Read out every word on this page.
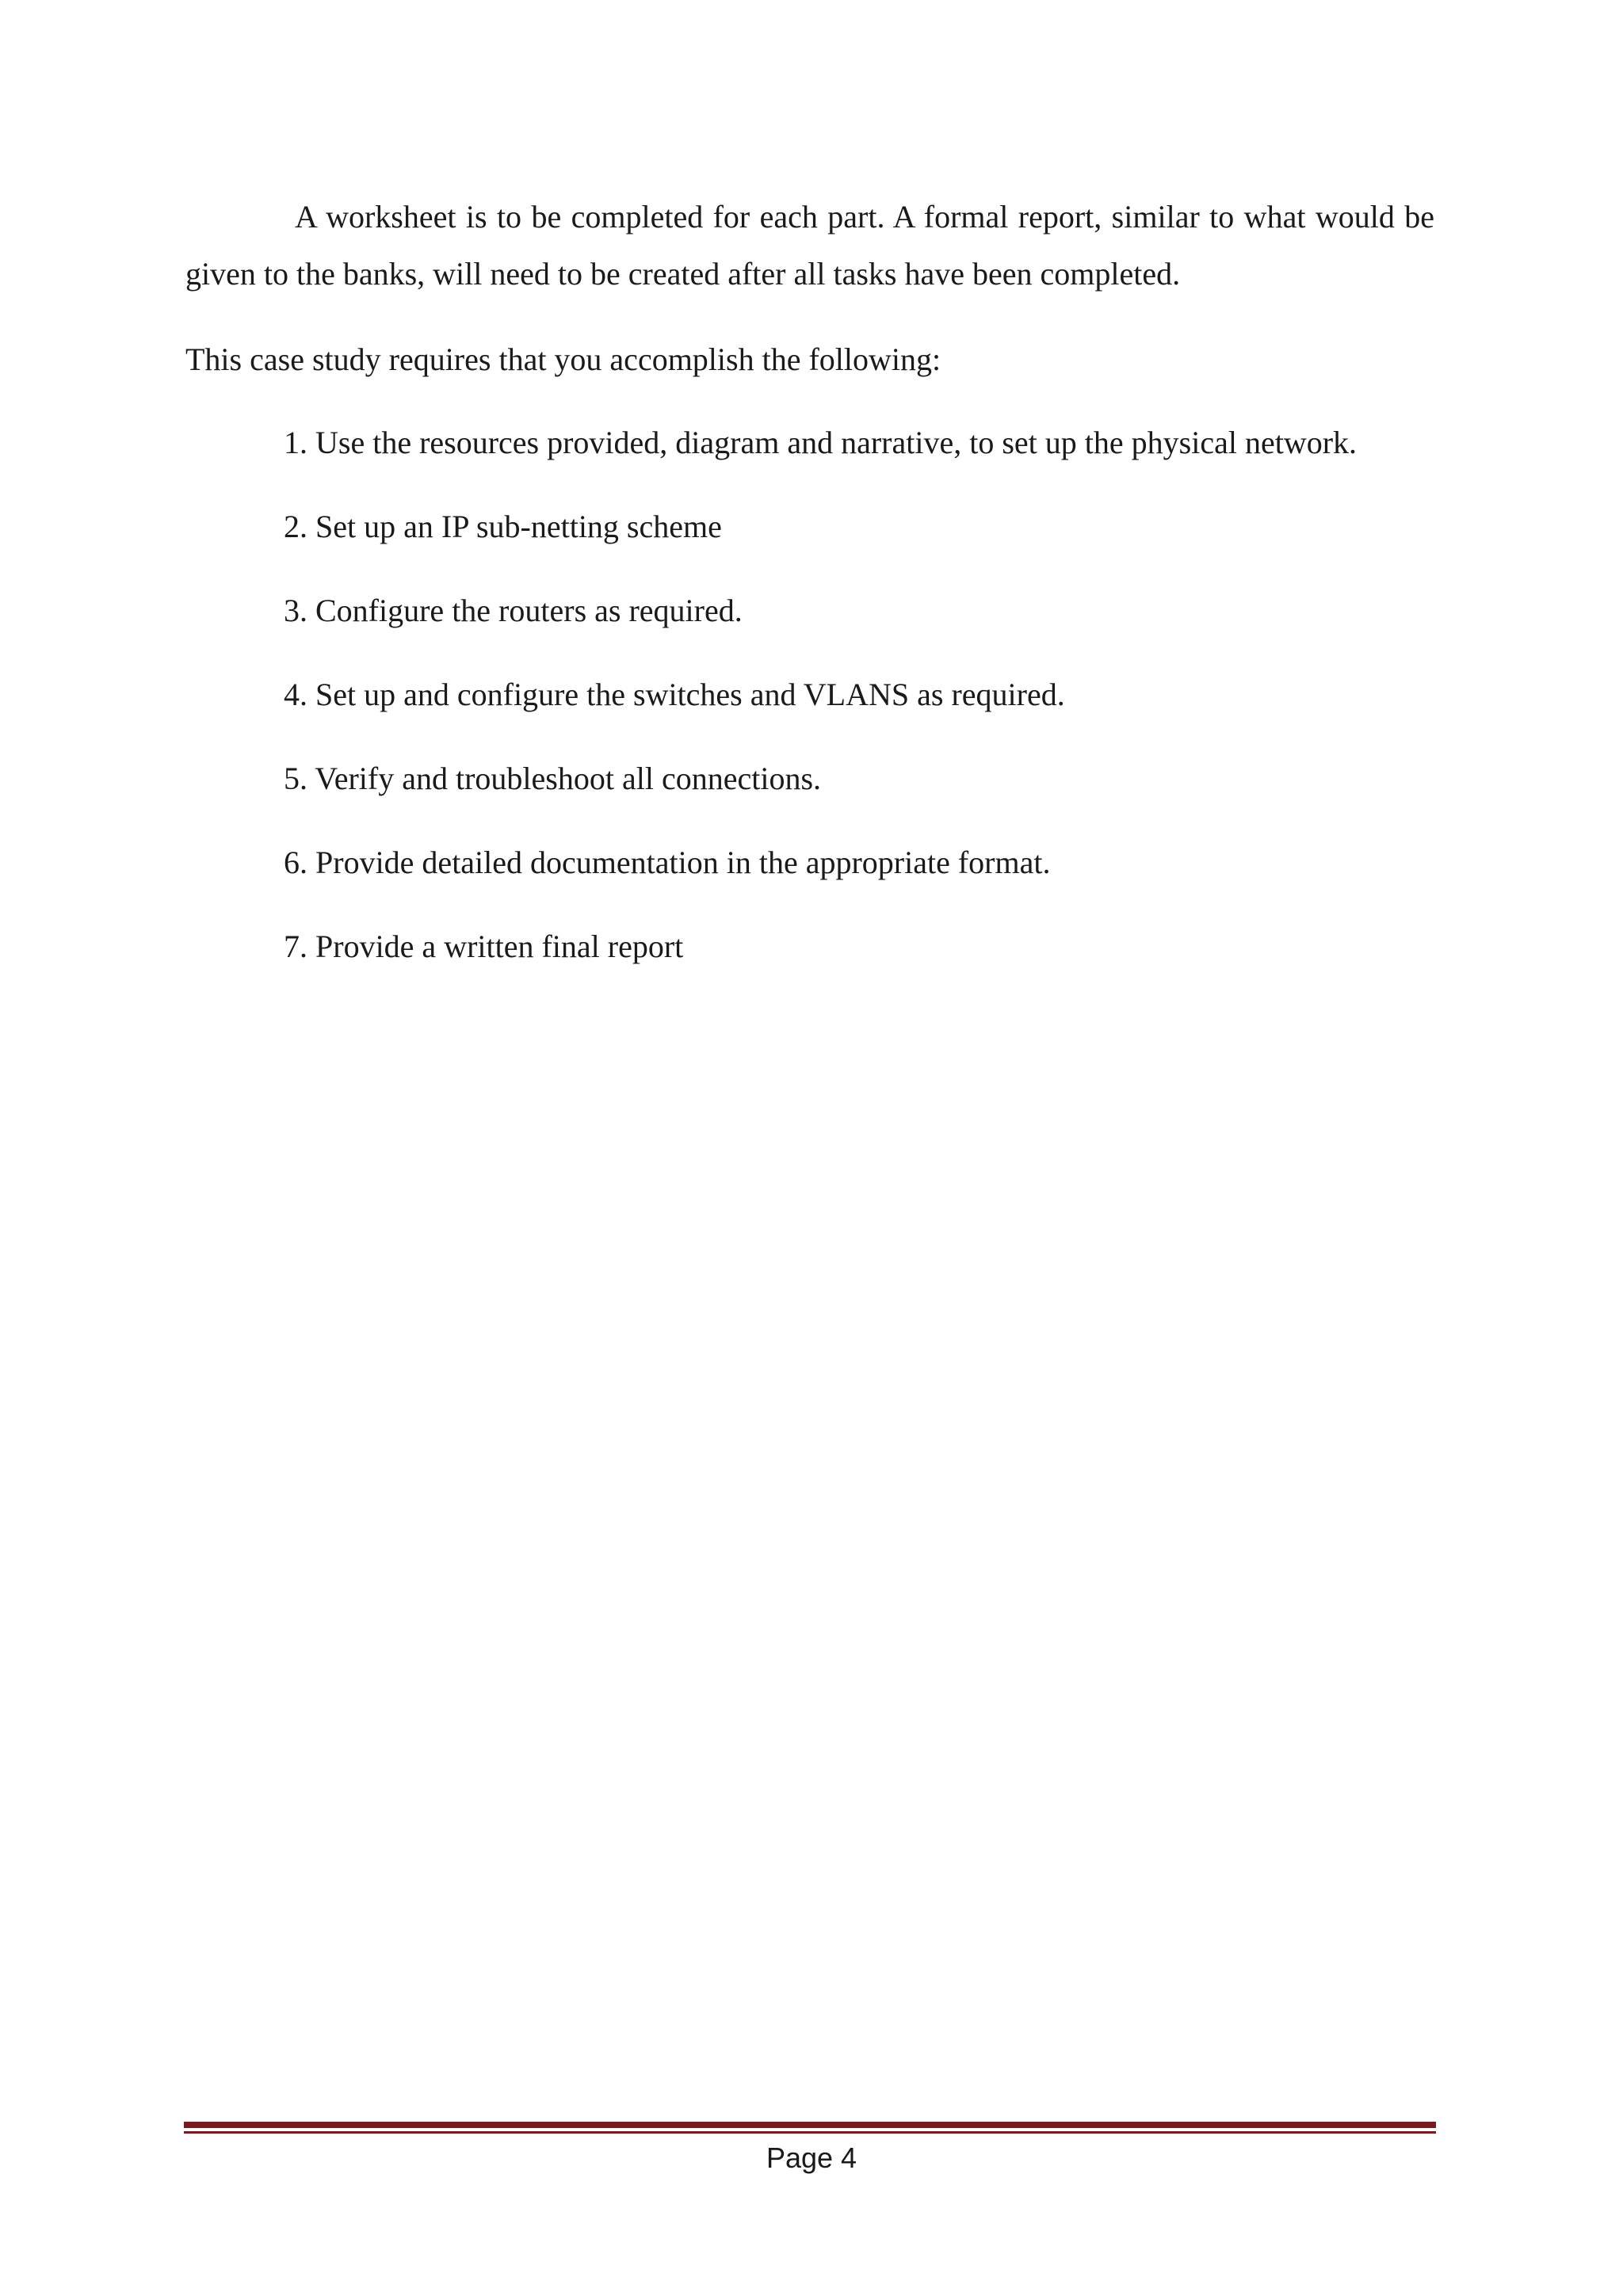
A worksheet is to be completed for each part. A formal report, similar to what would be given to the banks, will need to be created after all tasks have been completed.

This case study requires that you accomplish the following:

1. Use the resources provided, diagram and narrative, to set up the physical network.
2. Set up an IP sub-netting scheme
3. Configure the routers as required.
4. Set up and configure the switches and VLANS as required.
5. Verify and troubleshoot all connections.
6. Provide detailed documentation in the appropriate format.
7. Provide a written final report
Page 4
